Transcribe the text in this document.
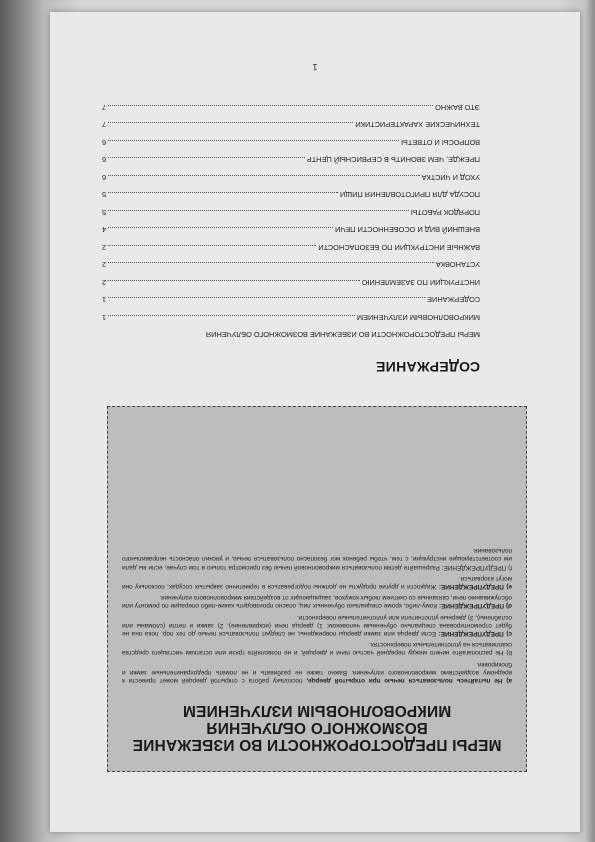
МЕРЫ ПРЕДОСТОРОЖНОСТИ ВО ИЗБЕЖАНИЕ
ВОЗМОЖНОГО ОБЛУЧЕНИЯ
МИКРОВОЛНОВЫМ ИЗЛУЧЕНИЕМ

а) Не пытайтесь пользоваться печью при открытой дверце, поскольку работа с открытой дверцей может привести к вредному воздействию микроволнового излучения. Важно также не разбивать и не ломать предохранительные замки и блокировки.

b) Не располагайте ничего между передней частью печи и дверцей, и не позволяйте грязи или остаткам чистящего средства скапливаться на уплотнительных поверхностях.

с) ПРЕДУПРЕЖДЕНИЕ: Если дверца или замки дверцы повреждены, не следует пользоваться печью до тех пор, пока она не будет отремонтирована специально обученным человеком: 1) дверца печи (искривление), 2) замки и петли (сломаны или ослаблены), 3) дверные уплотнители или уплотнительные поверхности.

d) ПРЕДУПРЕЖДЕНИЕ: Кому-либо, кроме специально обученных лиц, опасно производить какие-либо операции по ремонту или обслуживанию печи, связанные со снятием любых кожухов, защищающих от воздействия микроволнового излучения.

е) ПРЕДУПРЕЖДЕНИЕ: Жидкости и другие продукты не должны подогреваться в герметично закрытых сосудах, поскольку они могут взорваться.

f) ПРЕДУПРЕЖДЕНИЕ: Разрешайте детям пользоваться микроволновой печью без присмотра только в том случае, если вы дали им соответствующие инструкции, с тем, чтобы ребенок мог безопасно пользоваться печью, и уяснил опасность неправильного пользования.

СОДЕРЖАНИЕ
МЕРЫ ПРЕДОСТОРОЖНОСТИ ВО ИЗБЕЖАНИЕ ВОЗМОЖНОГО ОБЛУЧЕНИЯ
МИКРОВОЛНОВЫМ ИЗЛУЧЕНИЕМ
1
СОДЕРЖАНИЕ
1
ИНСТРУКЦИИ ПО ЗАЗЕМЛЕНИЮ
2
УСТАНОВКА
2
ВАЖНЫЕ ИНСТРУКЦИИ ПО БЕЗОПАСНОСТИ
2
ВНЕШНИЙ ВИД И ОСОБЕННОСТИ ПЕЧИ
4
ПОРЯДОК РАБОТЫ
5
ПОСУДА ДЛЯ ПРИГОТОВЛЕНИЯ ПИЩИ
5
УХОД И ЧИСТКА
6
ПРЕЖДЕ, ЧЕМ ЗВОНИТЬ В СЕРВИСНЫЙ ЦЕНТР
6
ВОПРОСЫ И ОТВЕТЫ
6
ТЕХНИЧЕСКИЕ ХАРАКТЕРИСТИКИ
7
ЭТО ВАЖНО
7
1
